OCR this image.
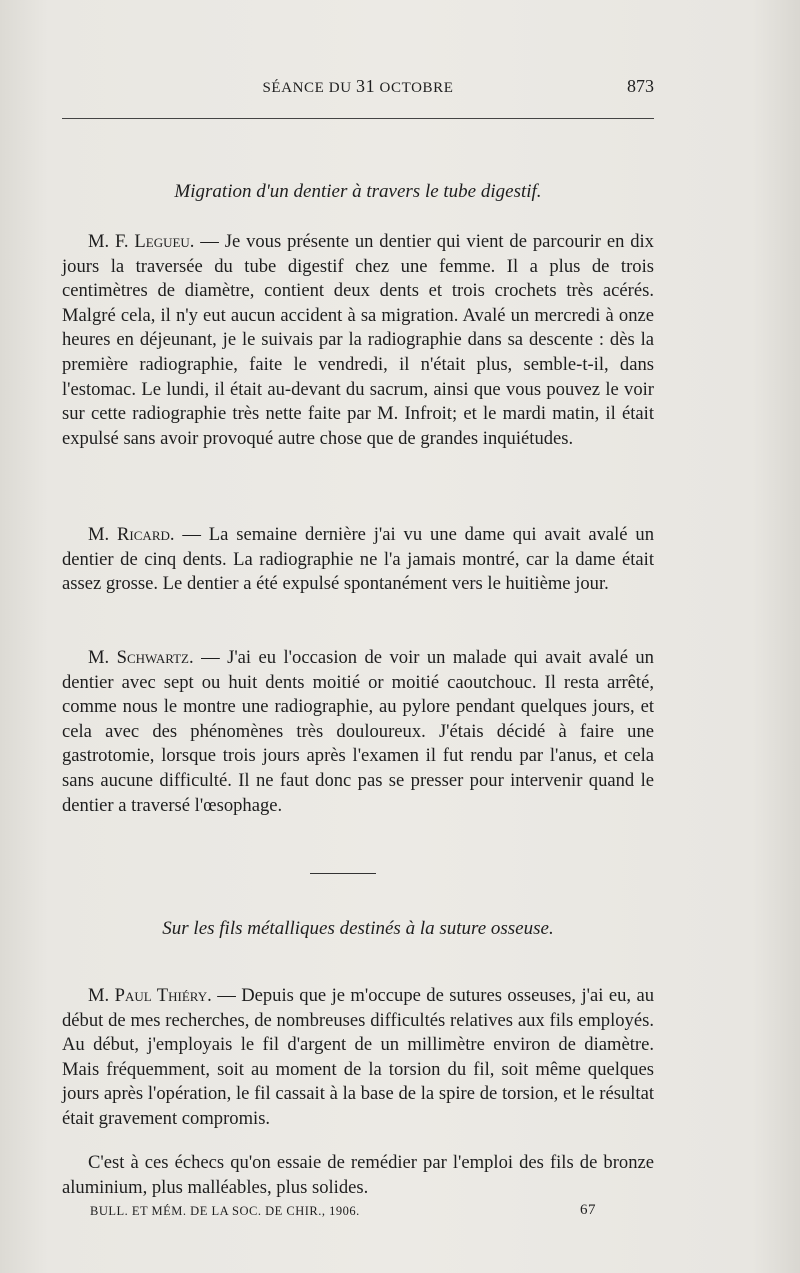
SÉANCE DU 31 OCTOBRE	873
Migration d'un dentier à travers le tube digestif.

M. F. Legueu. — Je vous présente un dentier qui vient de parcourir en dix jours la traversée du tube digestif chez une femme. Il a plus de trois centimètres de diamètre, contient deux dents et trois crochets très acérés. Malgré cela, il n'y eut aucun accident à sa migration. Avalé un mercredi à onze heures en déjeunant, je le suivais par la radiographie dans sa descente : dès la première radiographie, faite le vendredi, il n'était plus, semble-t-il, dans l'estomac. Le lundi, il était au-devant du sacrum, ainsi que vous pouvez le voir sur cette radiographie très nette faite par M. Infroit; et le mardi matin, il était expulsé sans avoir provoqué autre chose que de grandes inquiétudes.

M. Ricard. — La semaine dernière j'ai vu une dame qui avait avalé un dentier de cinq dents. La radiographie ne l'a jamais montré, car la dame était assez grosse. Le dentier a été expulsé spontanément vers le huitième jour.

M. Schwartz. — J'ai eu l'occasion de voir un malade qui avait avalé un dentier avec sept ou huit dents moitié or moitié caoutchouc. Il resta arrêté, comme nous le montre une radiographie, au pylore pendant quelques jours, et cela avec des phénomènes très douloureux. J'étais décidé à faire une gastrotomie, lorsque trois jours après l'examen il fut rendu par l'anus, et cela sans aucune difficulté. Il ne faut donc pas se presser pour intervenir quand le dentier a traversé l'œsophage.

Sur les fils métalliques destinés à la suture osseuse.

M. Paul Thiéry. — Depuis que je m'occupe de sutures osseuses, j'ai eu, au début de mes recherches, de nombreuses difficultés relatives aux fils employés. Au début, j'employais le fil d'argent de un millimètre environ de diamètre. Mais fréquemment, soit au moment de la torsion du fil, soit même quelques jours après l'opération, le fil cassait à la base de la spire de torsion, et le résultat était gravement compromis.

C'est à ces échecs qu'on essaie de remédier par l'emploi des fils de bronze aluminium, plus malléables, plus solides.

BULL. ET MÉM. DE LA SOC. DE CHIR., 1906.	67
